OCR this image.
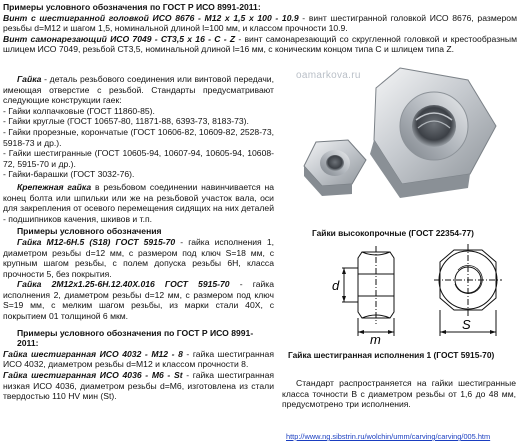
Примеры условного обозначения по ГОСТ Р ИСО 8991-2011:
Винт с шестигранной головкой ИСО 8676 - М12 x 1,5 x 100 - 10.9 - винт шестигранной головкой ИСО 8676, размером резьбы d=М12 и шагом 1,5, номинальной длиной l=100 мм, и классом прочности 10.9.
Винт самонарезающий ИСО 7049 - СТ3,5 x 16 - С - Z - винт самонарезающий со скругленной головкой и крестообразным шлицем ИСО 7049, резьбой СТ3,5, номинальной длиной l=16 мм, с коническим концом типа С и шлицем типа Z.
Гайка - деталь резьбового соединения или винтовой передачи, имеющая отверстие с резьбой. Стандарты предусматривают следующие конструкции гаек:
- Гайки колпачковые (ГОСТ 11860-85).
- Гайки круглые (ГОСТ 10657-80, 11871-88, 6393-73, 8183-73).
- Гайки прорезные, корончатые (ГОСТ 10606-82, 10609-82, 2528-73, 5918-73 и др.).
- Гайки шестигранные (ГОСТ 10605-94, 10607-94, 10605-94, 10608-72, 5915-70 и др.).
- Гайки-барашки (ГОСТ 3032-76).
Крепежная гайка в резьбовом соединении навинчивается на конец болта или шпильки или же на резьбовой участок вала, оси для закрепления от осевого перемещения сидящих на них деталей - подшипников качения, шкивов и т.п.
Примеры условного обозначения
Гайка М12-6Н.5 (S18) ГОСТ 5915-70 - гайка исполнения 1, диаметром резьбы d=12 мм, с размером под ключ S=18 мм, с крупным шагом резьбы, с полем допуска резьбы 6Н, класса прочности 5, без покрытия.
Гайка 2М12x1.25-6Н.12.40Х.016 ГОСТ 5915-70 - гайка исполнения 2, диаметром резьбы d=12 мм, с размером под ключ S=19 мм, с мелким шагом резьбы, из марки стали 40Х, с покрытием 01 толщиной 6 мкм.
Примеры условного обозначения по ГОСТ Р ИСО 8991-2011:
Гайка шестигранная ИСО 4032 - М12 - 8 - гайка шестигранная ИСО 4032, диаметром резьбы d=М12 и классом прочности 8.
Гайка шестигранная ИСО 4036 - М6 - St - гайка шестигранная низкая ИСО 4036, диаметром резьбы d=М6, изготовлена из стали твердостью 110 HV мин (St).
oamarkova.ru
Гайки высокопрочные (ГОСТ 22354-77)
d
m
S
Гайка шестигранная исполнения 1 (ГОСТ 5915-70)
Стандарт распространяется на гайки шестигранные класса точности В с диаметром резьбы от 1,6 до 48 мм, предусмотрено три исполнения.
http://www.ng.sibstrin.ru/wolchin/umm/carving/carving/005.htm
